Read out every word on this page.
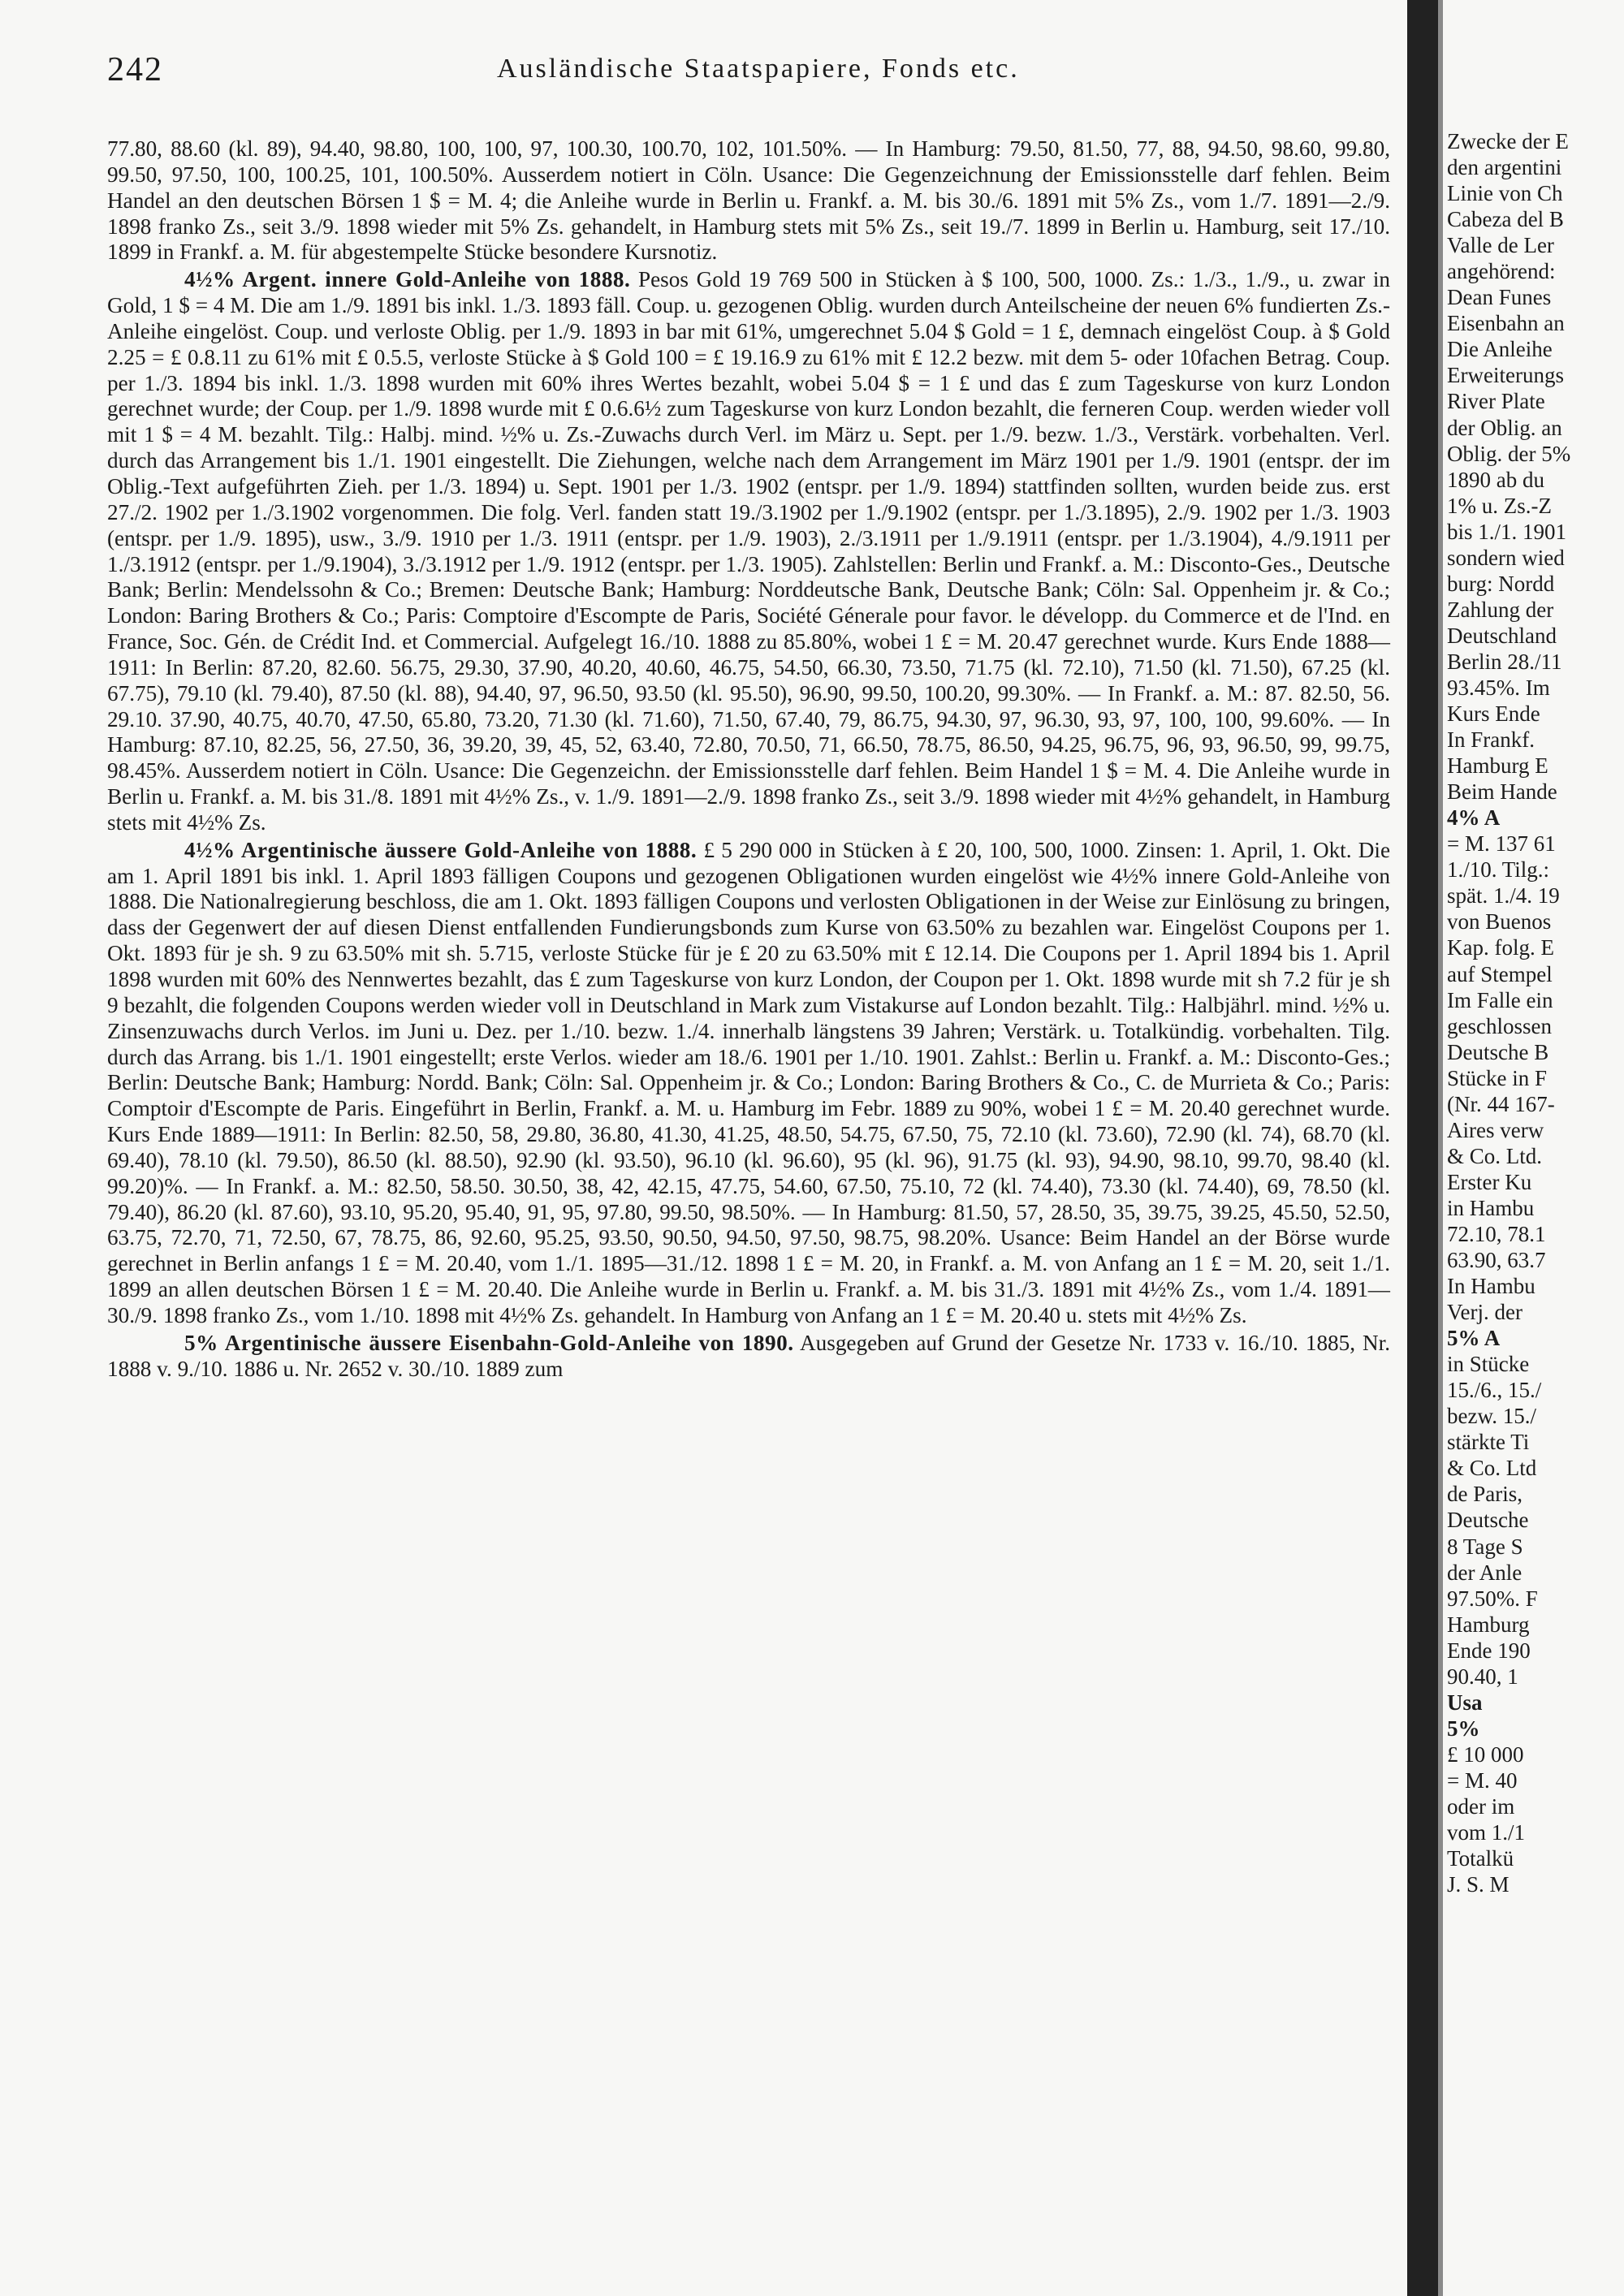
242	Ausländische Staatspapiere, Fonds etc.

77.80, 88.60 (kl. 89), 94.40, 98.80, 100, 100, 97, 100.30, 100.70, 102, 101.50%. — In Hamburg: 79.50, 81.50, 77, 88, 94.50, 98.60, 99.80, 99.50, 97.50, 100, 100.25, 101, 100.50%. Ausserdem notiert in Cöln. Usance: Die Gegenzeichnung der Emissionsstelle darf fehlen. Beim Handel an den deutschen Börsen 1 $ = M. 4; die Anleihe wurde in Berlin u. Frankf. a. M. bis 30./6. 1891 mit 5% Zs., vom 1./7. 1891—2./9. 1898 franko Zs., seit 3./9. 1898 wieder mit 5% Zs. gehandelt, in Hamburg stets mit 5% Zs., seit 19./7. 1899 in Berlin u. Hamburg, seit 17./10. 1899 in Frankf. a. M. für abgestempelte Stücke besondere Kursnotiz.

4½% Argent. innere Gold-Anleihe von 1888. Pesos Gold 19 769 500 in Stücken à $ 100, 500, 1000. Zs.: 1./3., 1./9., u. zwar in Gold, 1 $ = 4 M. Die am 1./9. 1891 bis inkl. 1./3. 1893 fäll. Coup. u. gezogenen Oblig. wurden durch Anteilscheine der neuen 6% fundierten Zs.-Anleihe eingelöst. Coup. und verloste Oblig. per 1./9. 1893 in bar mit 61%, umgerechnet 5.04 $ Gold = 1 £, demnach eingelöst Coup. à $ Gold 2.25 = £ 0.8.11 zu 61% mit £ 0.5.5, verloste Stücke à $ Gold 100 = £ 19.16.9 zu 61% mit £ 12.2 bezw. mit dem 5- oder 10fachen Betrag. Coup. per 1./3. 1894 bis inkl. 1./3. 1898 wurden mit 60% ihres Wertes bezahlt, wobei 5.04 $ = 1 £ und das £ zum Tageskurse von kurz London gerechnet wurde; der Coup. per 1./9. 1898 wurde mit £ 0.6.6½ zum Tageskurse von kurz London bezahlt, die ferneren Coup. werden wieder voll mit 1 $ = 4 M. bezahlt. Tilg.: Halbj. mind. ½% u. Zs.-Zuwachs durch Verl. im März u. Sept. per 1./9. bezw. 1./3., Verstärk. vorbehalten. Verl. durch das Arrangement bis 1./1. 1901 eingestellt. Die Ziehungen, welche nach dem Arrangement im März 1901 per 1./9. 1901 (entspr. der im Oblig.-Text aufgeführten Zieh. per 1./3. 1894) u. Sept. 1901 per 1./3. 1902 (entspr. per 1./9. 1894) stattfinden sollten, wurden beide zus. erst 27./2. 1902 per 1./3.1902 vorgenommen. Die folg. Verl. fanden statt 19./3.1902 per 1./9.1902 (entspr. per 1./3.1895), 2./9. 1902 per 1./3. 1903 (entspr. per 1./9. 1895), usw., 3./9. 1910 per 1./3. 1911 (entspr. per 1./9. 1903), 2./3.1911 per 1./9.1911 (entspr. per 1./3.1904), 4./9.1911 per 1./3.1912 (entspr. per 1./9.1904), 3./3.1912 per 1./9. 1912 (entspr. per 1./3. 1905). Zahlstellen: Berlin und Frankf. a. M.: Disconto-Ges., Deutsche Bank; Berlin: Mendelssohn & Co.; Bremen: Deutsche Bank; Hamburg: Norddeutsche Bank, Deutsche Bank; Cöln: Sal. Oppenheim jr. & Co.; London: Baring Brothers & Co.; Paris: Comptoire d'Escompte de Paris, Société Génerale pour favor. le développ. du Commerce et de l'Ind. en France, Soc. Gén. de Crédit Ind. et Commercial. Aufgelegt 16./10. 1888 zu 85.80%, wobei 1 £ = M. 20.47 gerechnet wurde. Kurs Ende 1888—1911: In Berlin: 87.20, 82.60. 56.75, 29.30, 37.90, 40.20, 40.60, 46.75, 54.50, 66.30, 73.50, 71.75 (kl. 72.10), 71.50 (kl. 71.50), 67.25 (kl. 67.75), 79.10 (kl. 79.40), 87.50 (kl. 88), 94.40, 97, 96.50, 93.50 (kl. 95.50), 96.90, 99.50, 100.20, 99.30%. — In Frankf. a. M.: 87. 82.50, 56. 29.10. 37.90, 40.75, 40.70, 47.50, 65.80, 73.20, 71.30 (kl. 71.60), 71.50, 67.40, 79, 86.75, 94.30, 97, 96.30, 93, 97, 100, 100, 99.60%. — In Hamburg: 87.10, 82.25, 56, 27.50, 36, 39.20, 39, 45, 52, 63.40, 72.80, 70.50, 71, 66.50, 78.75, 86.50, 94.25, 96.75, 96, 93, 96.50, 99, 99.75, 98.45%. Ausserdem notiert in Cöln. Usance: Die Gegenzeichn. der Emissionsstelle darf fehlen. Beim Handel 1 $ = M. 4. Die Anleihe wurde in Berlin u. Frankf. a. M. bis 31./8. 1891 mit 4½% Zs., v. 1./9. 1891—2./9. 1898 franko Zs., seit 3./9. 1898 wieder mit 4½% gehandelt, in Hamburg stets mit 4½% Zs.

4½% Argentinische äussere Gold-Anleihe von 1888. £ 5 290 000 in Stücken à £ 20, 100, 500, 1000. Zinsen: 1. April, 1. Okt. Die am 1. April 1891 bis inkl. 1. April 1893 fälligen Coupons und gezogenen Obligationen wurden eingelöst wie 4½% innere Gold-Anleihe von 1888. Die Nationalregierung beschloss, die am 1. Okt. 1893 fälligen Coupons und verlosten Obligationen in der Weise zur Einlösung zu bringen, dass der Gegenwert der auf diesen Dienst entfallenden Fundierungsbonds zum Kurse von 63.50% zu bezahlen war. Eingelöst Coupons per 1. Okt. 1893 für je sh. 9 zu 63.50% mit sh. 5.715, verloste Stücke für je £ 20 zu 63.50% mit £ 12.14. Die Coupons per 1. April 1894 bis 1. April 1898 wurden mit 60% des Nennwertes bezahlt, das £ zum Tageskurse von kurz London, der Coupon per 1. Okt. 1898 wurde mit sh 7.2 für je sh 9 bezahlt, die folgenden Coupons werden wieder voll in Deutschland in Mark zum Vistakurse auf London bezahlt. Tilg.: Halbjährl. mind. ½% u. Zinsenzuwachs durch Verlos. im Juni u. Dez. per 1./10. bezw. 1./4. innerhalb längstens 39 Jahren; Verstärk. u. Totalkündig. vorbehalten. Tilg. durch das Arrang. bis 1./1. 1901 eingestellt; erste Verlos. wieder am 18./6. 1901 per 1./10. 1901. Zahlst.: Berlin u. Frankf. a. M.: Disconto-Ges.; Berlin: Deutsche Bank; Hamburg: Nordd. Bank; Cöln: Sal. Oppenheim jr. & Co.; London: Baring Brothers & Co., C. de Murrieta & Co.; Paris: Comptoir d'Escompte de Paris. Eingeführt in Berlin, Frankf. a. M. u. Hamburg im Febr. 1889 zu 90%, wobei 1 £ = M. 20.40 gerechnet wurde. Kurs Ende 1889—1911: In Berlin: 82.50, 58, 29.80, 36.80, 41.30, 41.25, 48.50, 54.75, 67.50, 75, 72.10 (kl. 73.60), 72.90 (kl. 74), 68.70 (kl. 69.40), 78.10 (kl. 79.50), 86.50 (kl. 88.50), 92.90 (kl. 93.50), 96.10 (kl. 96.60), 95 (kl. 96), 91.75 (kl. 93), 94.90, 98.10, 99.70, 98.40 (kl. 99.20)%. — In Frankf. a. M.: 82.50, 58.50. 30.50, 38, 42, 42.15, 47.75, 54.60, 67.50, 75.10, 72 (kl. 74.40), 73.30 (kl. 74.40), 69, 78.50 (kl. 79.40), 86.20 (kl. 87.60), 93.10, 95.20, 95.40, 91, 95, 97.80, 99.50, 98.50%. — In Hamburg: 81.50, 57, 28.50, 35, 39.75, 39.25, 45.50, 52.50, 63.75, 72.70, 71, 72.50, 67, 78.75, 86, 92.60, 95.25, 93.50, 90.50, 94.50, 97.50, 98.75, 98.20%. Usance: Beim Handel an der Börse wurde gerechnet in Berlin anfangs 1 £ = M. 20.40, vom 1./1. 1895—31./12. 1898 1 £ = M. 20, in Frankf. a. M. von Anfang an 1 £ = M. 20, seit 1./1. 1899 an allen deutschen Börsen 1 £ = M. 20.40. Die Anleihe wurde in Berlin u. Frankf. a. M. bis 31./3. 1891 mit 4½% Zs., vom 1./4. 1891—30./9. 1898 franko Zs., vom 1./10. 1898 mit 4½% Zs. gehandelt. In Hamburg von Anfang an 1 £ = M. 20.40 u. stets mit 4½% Zs.

5% Argentinische äussere Eisenbahn-Gold-Anleihe von 1890. Ausgegeben auf Grund der Gesetze Nr. 1733 v. 16./10. 1885, Nr. 1888 v. 9./10. 1886 u. Nr. 2652 v. 30./10. 1889 zum

Zwecke der E
den argentini
Linie von Ch
Cabeza del B
Valle de Ler
angehörend:
Dean Funes
Eisenbahn an
Die Anleihe
Erweiterungs
River Plate
der Oblig. an
Oblig. der 5%
1890 ab du
1% u. Zs.-Z
bis 1./1. 1901
sondern wied
burg: Nordd
Zahlung der
Deutschland
Berlin 28./11
93.45%. Im
Kurs Ende
In Frankf.
Hamburg E
Beim Hande
4% A
= M. 137 61
1./10. Tilg.:
spät. 1./4. 19
von Buenos
Kap. folg. E
auf Stempel
Im Falle ein
geschlossen
Deutsche B
Stücke in F
(Nr. 44 167-
Aires verw
& Co. Ltd.
Erster Ku
in Hambu
72.10, 78.1
63.90, 63.7
In Hambu
Verj. der
5% A
in Stücke
15./6., 15./
bezw. 15./
stärkte Ti
& Co. Ltd
de Paris,
Deutsche
8 Tage S
der Anle
97.50%. F
Hamburg
Ende 190
90.40, 1
Usa
5%
£ 10 000
= M. 40
oder im
vom 1./1
Totalkü
J. S. M
